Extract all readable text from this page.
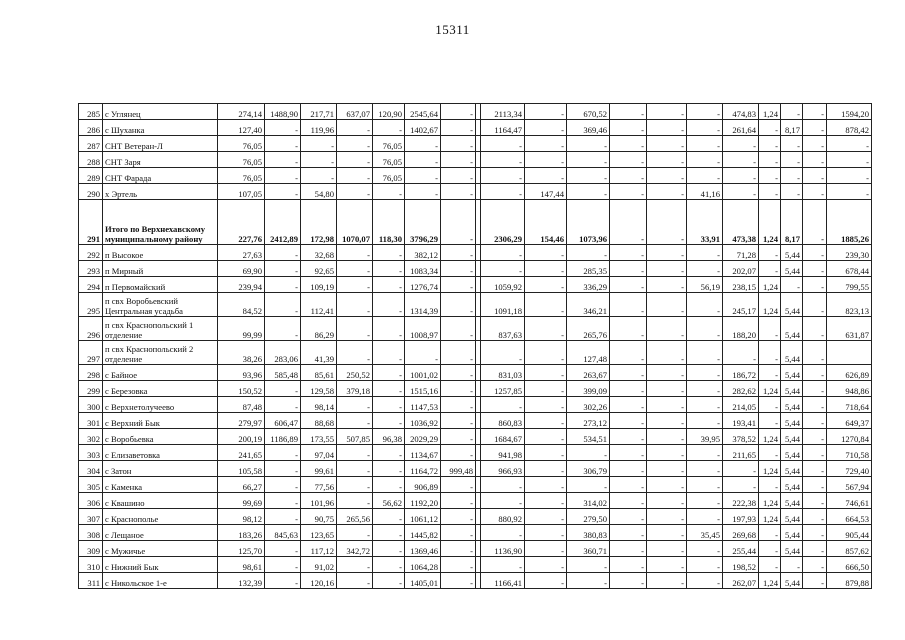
15311
285	с Углянец	274,14	1488,90	217,71	637,07	120,90	2545,64	-		2113,34	-	670,52	-	-	-	474,83	1,24	-	-	1594,20
286	с Шуханка	127,40	-	119,96	-	-	1402,67	-		1164,47	-	369,46	-	-	-	261,64	-	8,17	-	878,42
287	СНТ Ветеран-Л	76,05	-	-	-	76,05	-	-		-	-	-	-	-	-	-	-	-	-	-
288	СНТ Заря	76,05	-	-	-	76,05	-	-		-	-	-	-	-	-	-	-	-	-	-
289	СНТ Фарада	76,05	-	-	-	76,05	-	-		-	-	-	-	-	-	-	-	-	-	-
290	х Эртель	107,05	-	54,80	-	-	-	-		-	147,44	-	-	-	41,16	-	-	-	-	-
291	Итого по Верхнехавскому муниципальному району	227,76	2412,89	172,98	1070,07	118,30	3796,29	-		2306,29	154,46	1073,96	-	-	33,91	473,38	1,24	8,17	-	1885,26
292	п Высокое	27,63	-	32,68	-	-	382,12	-		-	-	-	-	-	-	71,28	-	5,44	-	239,30
293	п Мирный	69,90	-	92,65	-	-	1083,34	-		-	-	285,35	-	-	-	202,07	-	5,44	-	678,44
294	п Первомайский	239,94	-	109,19	-	-	1276,74	-		1059,92	-	336,29	-	-	56,19	238,15	1,24	-	-	799,55
295	п свх Воробьевский Центральная усадьба	84,52	-	112,41	-	-	1314,39	-		1091,18	-	346,21	-	-	-	245,17	1,24	5,44	-	823,13
296	п свх Краснопольский 1 отделение	99,99	-	86,29	-	-	1008,97	-		837,63	-	265,76	-	-	-	188,20	-	5,44	-	631,87
297	п свх Краснопольский 2 отделение	38,26	283,06	41,39	-	-	-	-		-	-	127,48	-	-	-	-	-	5,44	-	
298	с Байное	93,96	585,48	85,61	250,52	-	1001,02	-		831,03	-	263,67	-	-	-	186,72	-	5,44	-	626,89
299	с Березовка	150,52	-	129,58	379,18	-	1515,16	-		1257,85	-	399,09	-	-	-	282,62	1,24	5,44	-	948,86
300	с Верхнетолучеево	87,48	-	98,14	-	-	1147,53	-		-	-	302,26	-	-	-	214,05	-	5,44	-	718,64
301	с Верхний Бык	279,97	606,47	88,68	-	-	1036,92	-		860,83	-	273,12	-	-	-	193,41	-	5,44	-	649,37
302	с Воробьевка	200,19	1186,89	173,55	507,85	96,38	2029,29	-		1684,67	-	534,51	-	-	39,95	378,52	1,24	5,44	-	1270,84
303	с Елизаветовка	241,65	-	97,04	-	-	1134,67	-		941,98	-	-	-	-	-	211,65	-	5,44	-	710,58
304	с Затон	105,58	-	99,61	-	-	1164,72	999,48		966,93	-	306,79	-	-	-	-	1,24	5,44	-	729,40
305	с Каменка	66,27	-	77,56	-	-	906,89	-		-	-	-	-	-	-	-	-	5,44	-	567,94
306	с Квашино	99,69	-	101,96	-	56,62	1192,20	-		-	-	314,02	-	-	-	222,38	1,24	5,44	-	746,61
307	с Краснополье	98,12	-	90,75	265,56	-	1061,12	-		880,92	-	279,50	-	-	-	197,93	1,24	5,44	-	664,53
308	с Лещаное	183,26	845,63	123,65	-	-	1445,82	-		-	-	380,83	-	-	35,45	269,68	-	5,44	-	905,44
309	с Мужичье	125,70	-	117,12	342,72	-	1369,46	-		1136,90	-	360,71	-	-	-	255,44	-	5,44	-	857,62
310	с Нижний Бык	98,61	-	91,02	-	-	1064,28	-		-	-	-	-	-	-	198,52	-	-	-	666,50
311	с Никольское 1-е	132,39	-	120,16	-	-	1405,01	-		1166,41	-	-	-	-	-	262,07	1,24	5,44	-	879,88
